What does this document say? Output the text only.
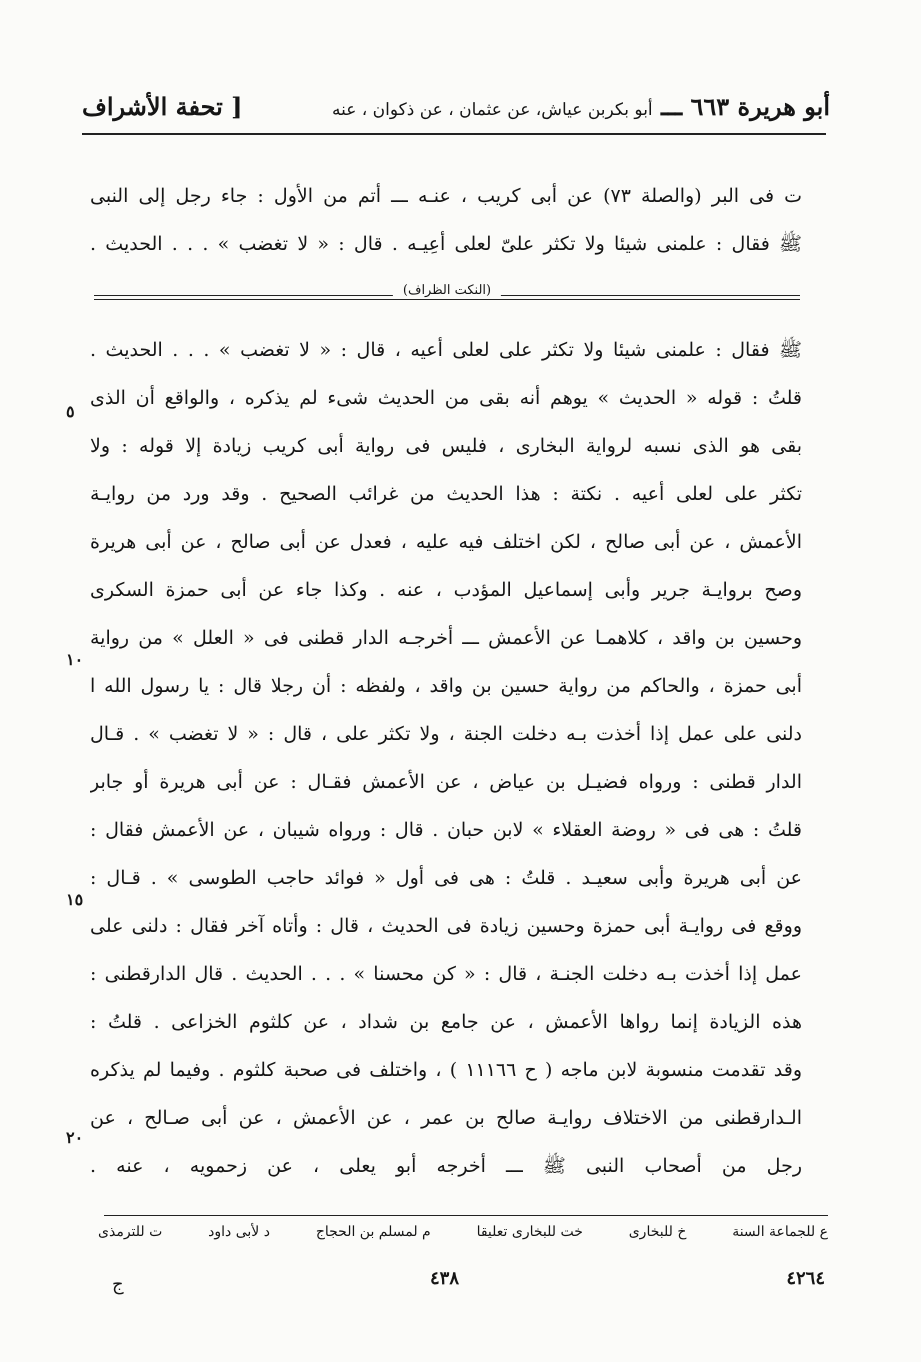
أبو هريرة ٦٦٣ ـــ أبو بكربن عياش، عن عثمان ، عن ذكوان ، عنه
[ تحفة الأشراف
ت فى البر (والصلة ٧٣) عن أبى كريب ، عنـه ـــ أتم من الأول : جاء رجل إلى النبى
ﷺ فقال : علمنى شيئا ولا تكثر علىّ لعلى أعِيـه . قال : « لا تغضب » . . . الحديث .
(النكت الظراف)
ﷺ فقال : علمنى شيئا ولا تكثر على لعلى أعيه ، قال : « لا تغضب » . . . الحديث .
قلتُ : قوله « الحديث » يوهم أنه بقى من الحديث شىء لم يذكره ، والواقع أن الذى
بقى هو الذى نسبه لرواية البخارى ، فليس فى رواية أبى كريب زيادة إلا قوله : ولا
تكثر على لعلى أعيه . نكتة : هذا الحديث من غرائب الصحيح . وقد ورد من روايـة
الأعمش ، عن أبى صالح ، لكن اختلف فيه عليه ، فعدل عن أبى صالح ، عن أبى هريرة
وصح بروايـة جرير وأبى إسماعيل المؤدب ، عنه . وكذا جاء عن أبى حمزة السكرى
وحسين بن واقد ، كلاهمـا عن الأعمش ـــ أخرجـه الدار قطنى فى « العلل » من رواية
أبى حمزة ، والحاكم من رواية حسين بن واقد ، ولفظه : أن رجلا قال : يا رسول الله ا
دلنى على عمل إذا أخذت بـه دخلت الجنة ، ولا تكثر على ، قال : « لا تغضب » . قـال
الدار قطنى : ورواه فضيـل بن عياض ، عن الأعمش فقـال : عن أبى هريرة أو جابر
قلتُ : هى فى « روضة العقلاء » لابن حبان . قال : ورواه شيبان ، عن الأعمش فقال :
عن أبى هريرة وأبى سعيـد . قلتُ : هى فى أول « فوائد حاجب الطوسى » . قـال :
ووقع فى روايـة أبى حمزة وحسين زيادة فى الحديث ، قال : وأتاه آخر فقال : دلنى على
عمل إذا أخذت بـه دخلت الجنـة ، قال : « كن محسنا » . . . الحديث . قال الدارقطنى :
هذه الزيادة إنما رواها الأعمش ، عن جامع بن شداد ، عن كلثوم الخزاعى . قلتُ :
وقد تقدمت منسوبة لابن ماجه ( ح ١١١٦٦ ) ، واختلف فى صحبة كلثوم . وفيما لم يذكره
الـدارقطنى من الاختلاف روايـة صالح بن عمر ، عن الأعمش ، عن أبى صـالح ، عن
رجل من أصحاب النبى ﷺ ـــ أخرجه أبو يعلى ، عن زحمويه ، عنه .
٥
١٠
١٥
٢٠
ع للجماعة السنة
خ للبخارى
خت للبخارى تعليقا
م لمسلم بن الحجاج
د لأبى داود
ت للترمذى
٤٢٦٤
٤٣٨
ج
